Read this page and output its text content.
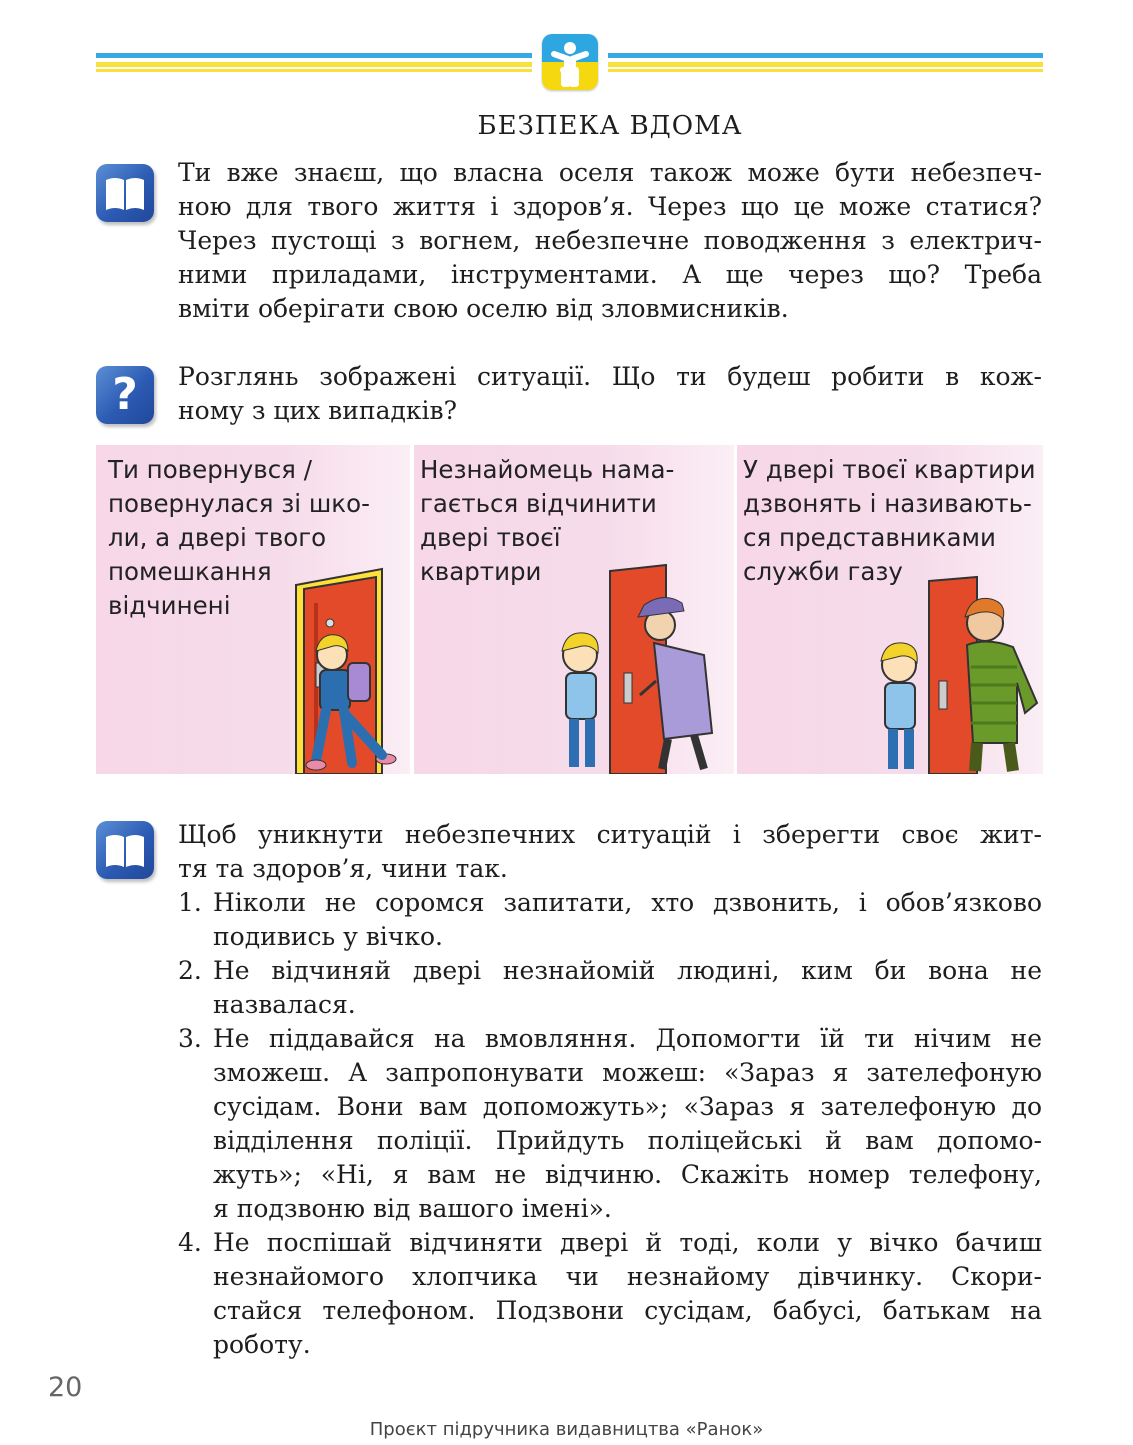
БЕЗПЕКА ВДОМА
Ти вже знаєш, що власна оселя також може бути небезпеч-
ною для твого життя і здоров’я. Через що це може статися?
Через пустощі з вогнем, небезпечне поводження з електрич-
ними приладами, інструментами. А ще через що? Треба
вміти оберігати свою оселю від зловмисників.
?	Розглянь зображені ситуації. Що ти будеш робити в кож-
ному з цих випадків?
Ти повернувся /
повернулася зі шко-
ли, а двері твого
помешкання
відчинені
Незнайомець нама-
гається відчинити
двері твоєї
квартири
У двері твоєї квартири
дзвонять і називають-
ся представниками
служби газу
Щоб уникнути небезпечних ситуацій і зберегти своє жит-
тя та здоров’я, чини так.
1. Ніколи не соромся запитати, хто дзвонить, і обов’язково
подивись у вічко.
2. Не відчиняй двері незнайомій людині, ким би вона не
назвалася.
3. Не піддавайся на вмовляння. Допомогти їй ти нічим не
зможеш. А запропонувати можеш: «Зараз я зателефоную
сусідам. Вони вам допоможуть»; «Зараз я зателефоную до
відділення поліції. Прийдуть поліцейські й вам допомо-
жуть»; «Ні, я вам не відчиню. Скажіть номер телефону,
я подзвоню від вашого імені».
4. Не поспішай відчиняти двері й тоді, коли у вічко бачиш
незнайомого хлопчика чи незнайому дівчинку. Скори-
стайся телефоном. Подзвони сусідам, бабусі, батькам на
роботу.
20
Проєкт підручника видавництва «Ранок»
